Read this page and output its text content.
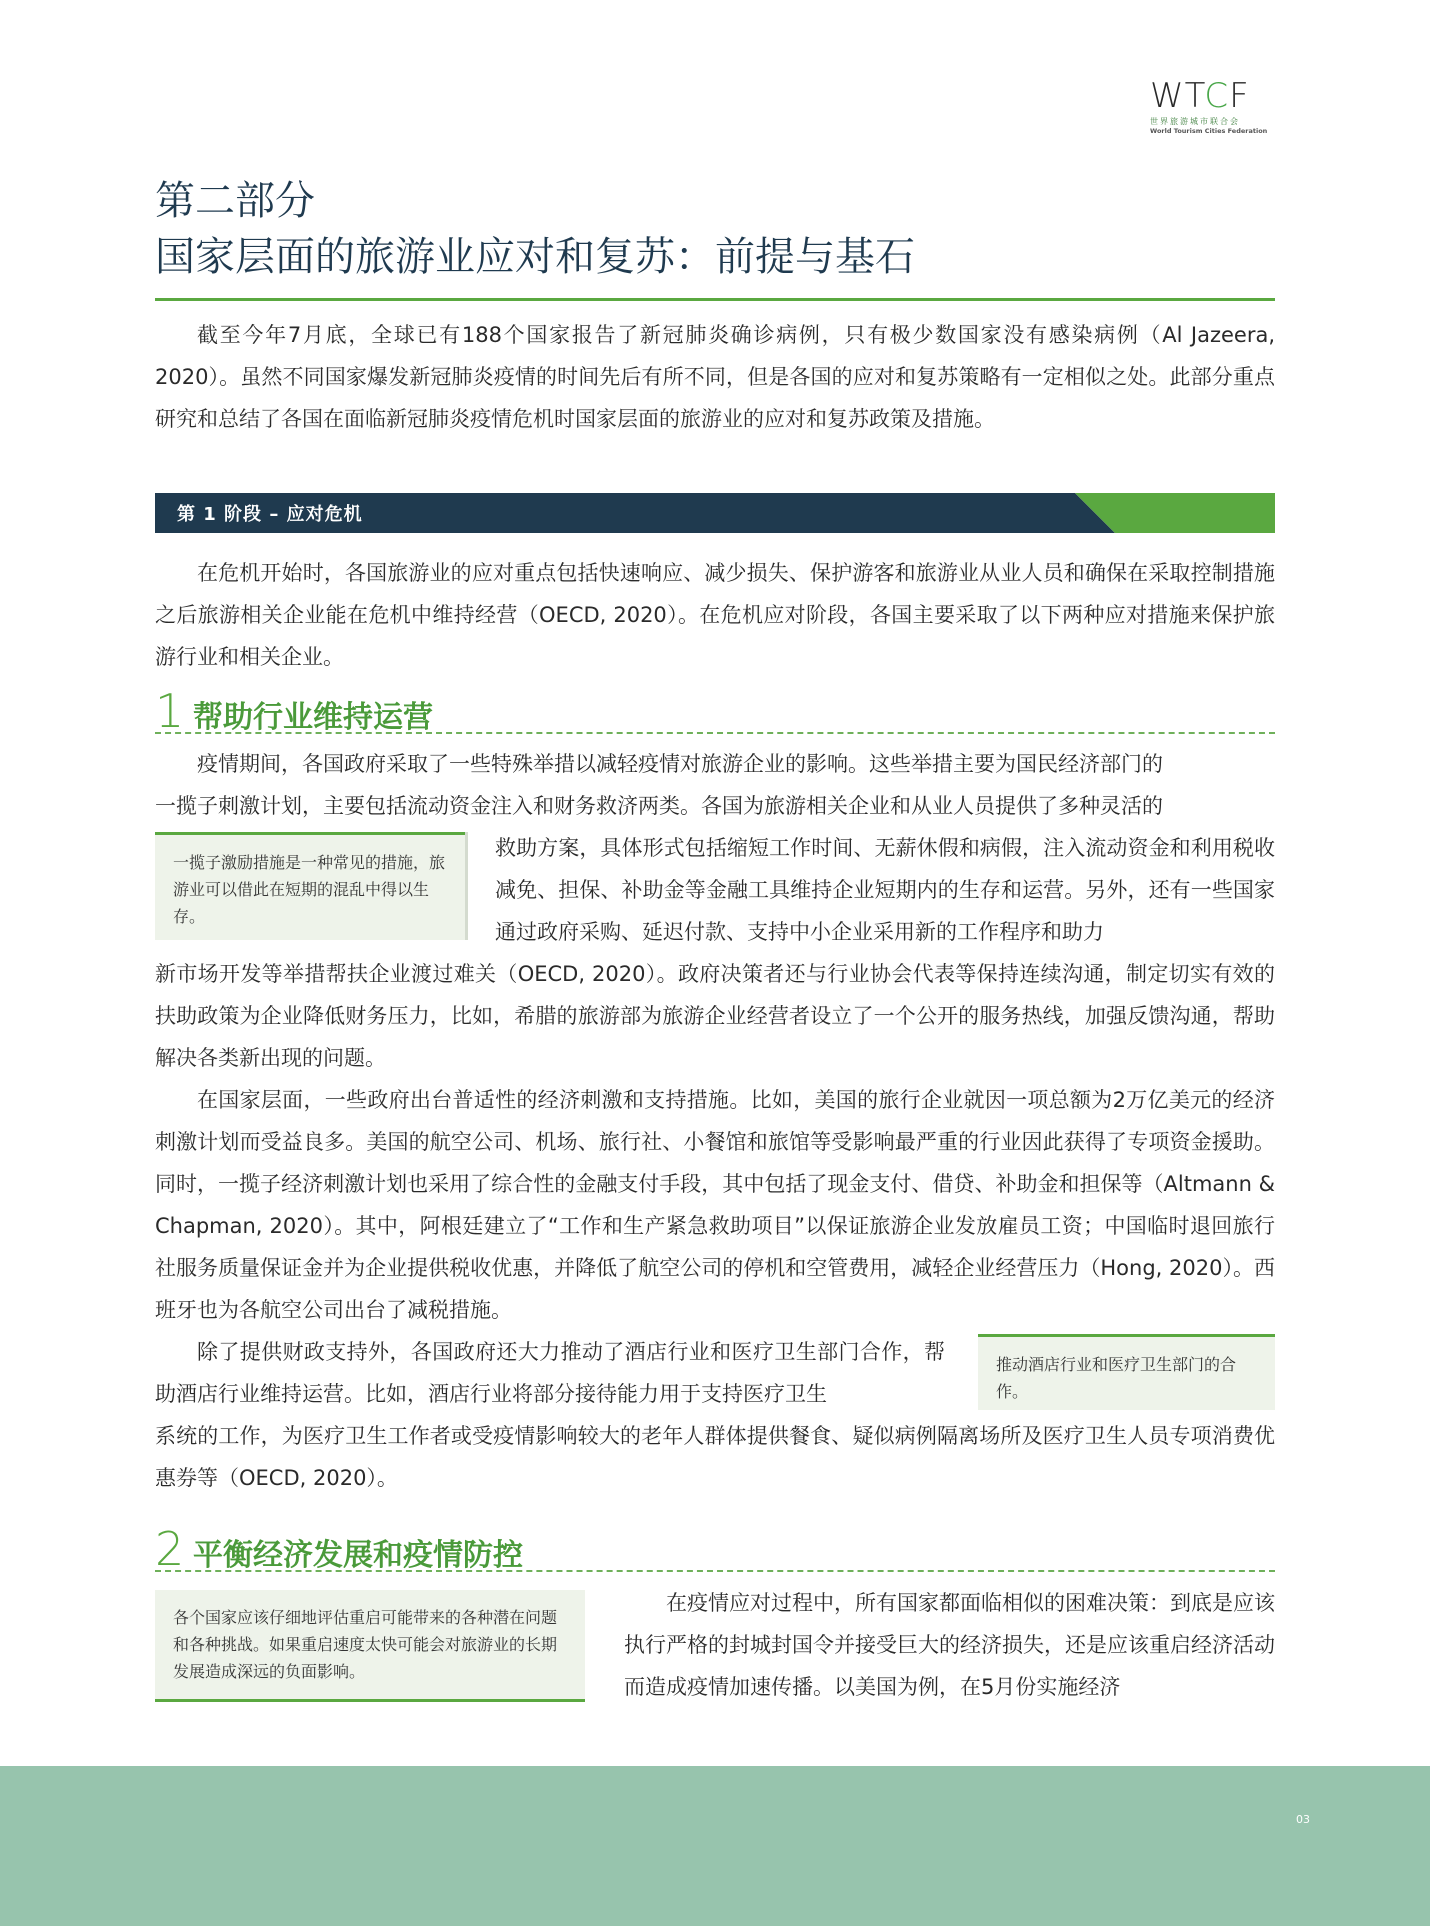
WTCF
世界旅游城市联合会
World Tourism Cities Federation
第二部分
国家层面的旅游业应对和复苏：前提与基石

截至今年7月底，全球已有188个国家报告了新冠肺炎确诊病例，只有极少数国家没有感染病例（Al Jazeera, 2020）。虽然不同国家爆发新冠肺炎疫情的时间先后有所不同，但是各国的应对和复苏策略有一定相似之处。此部分重点研究和总结了各国在面临新冠肺炎疫情危机时国家层面的旅游业的应对和复苏政策及措施。

第 1 阶段 – 应对危机

在危机开始时，各国旅游业的应对重点包括快速响应、减少损失、保护游客和旅游业从业人员和确保在采取控制措施之后旅游相关企业能在危机中维持经营（OECD, 2020）。在危机应对阶段，各国主要采取了以下两种应对措施来保护旅游行业和相关企业。

1 帮助行业维持运营

疫情期间，各国政府采取了一些特殊举措以减轻疫情对旅游企业的影响。这些举措主要为国民经济部门的

一揽子刺激计划，主要包括流动资金注入和财务救济两类。各国为旅游相关企业和从业人员提供了多种灵活的

一揽子激励措施是一种常见的措施，旅游业可以借此在短期的混乱中得以生存。

救助方案，具体形式包括缩短工作时间、无薪休假和病假，注入流动资金和利用税收减免、担保、补助金等金融工具维持企业短期内的生存和运营。另外，还有一些国家通过政府采购、延迟付款、支持中小企业采用新的工作程序和助力

新市场开发等举措帮扶企业渡过难关（OECD, 2020）。政府决策者还与行业协会代表等保持连续沟通，制定切实有效的扶助政策为企业降低财务压力，比如，希腊的旅游部为旅游企业经营者设立了一个公开的服务热线，加强反馈沟通，帮助解决各类新出现的问题。

在国家层面，一些政府出台普适性的经济刺激和支持措施。比如，美国的旅行企业就因一项总额为2万亿美元的经济刺激计划而受益良多。美国的航空公司、机场、旅行社、小餐馆和旅馆等受影响最严重的行业因此获得了专项资金援助。同时，一揽子经济刺激计划也采用了综合性的金融支付手段，其中包括了现金支付、借贷、补助金和担保等（Altmann & Chapman, 2020）。其中，阿根廷建立了“工作和生产紧急救助项目”以保证旅游企业发放雇员工资；中国临时退回旅行社服务质量保证金并为企业提供税收优惠，并降低了航空公司的停机和空管费用，减轻企业经营压力（Hong, 2020）。西班牙也为各航空公司出台了减税措施。

除了提供财政支持外，各国政府还大力推动了酒店行业和医疗卫生部门合作，帮助酒店行业维持运营。比如，酒店行业将部分接待能力用于支持医疗卫生

推动酒店行业和医疗卫生部门的合作。

系统的工作，为医疗卫生工作者或受疫情影响较大的老年人群体提供餐食、疑似病例隔离场所及医疗卫生人员专项消费优惠券等（OECD, 2020）。

2 平衡经济发展和疫情防控
各个国家应该仔细地评估重启可能带来的各种潜在问题和各种挑战。如果重启速度太快可能会对旅游业的长期发展造成深远的负面影响。

在疫情应对过程中，所有国家都面临相似的困难决策：到底是应该执行严格的封城封国令并接受巨大的经济损失，还是应该重启经济活动而造成疫情加速传播。以美国为例，在5月份实施经济

03
